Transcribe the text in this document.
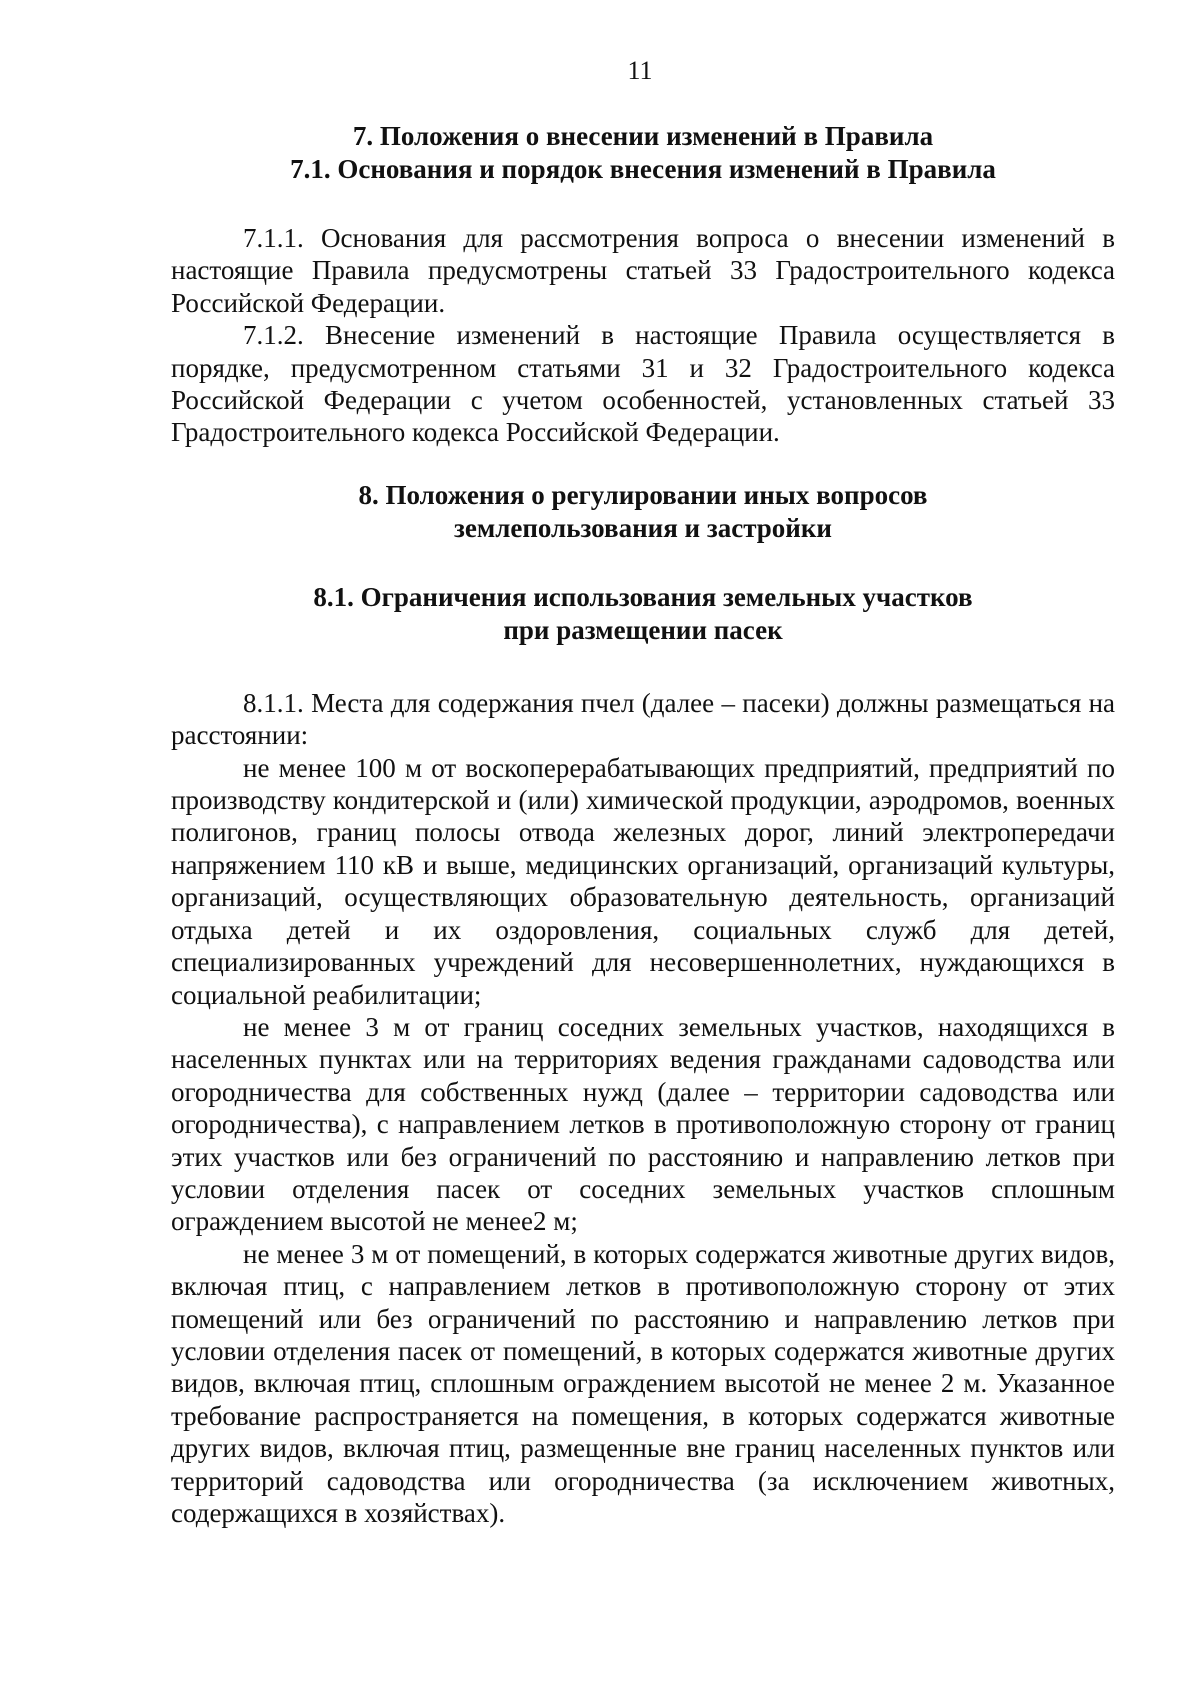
11
7. Положения о внесении изменений в Правила
7.1. Основания и порядок внесения изменений в Правила

7.1.1. Основания для рассмотрения вопроса о внесении изменений в настоящие Правила предусмотрены статьей 33 Градостроительного кодекса Российской Федерации.

7.1.2. Внесение изменений в настоящие Правила осуществляется в порядке, предусмотренном статьями 31 и 32 Градостроительного кодекса Российской Федерации с учетом особенностей, установленных статьей 33 Градостроительного кодекса Российской Федерации.

8. Положения о регулировании иных вопросов
землепользования и застройки
8.1. Ограничения использования земельных участков
при размещении пасек

8.1.1. Места для содержания пчел (далее – пасеки) должны размещаться на расстоянии:

не менее 100 м от воскоперерабатывающих предприятий, предприятий по производству кондитерской и (или) химической продукции, аэродромов, военных полигонов, границ полосы отвода железных дорог, линий электропередачи напряжением 110 кВ и выше, медицинских организаций, организаций культуры, организаций, осуществляющих образовательную деятельность, организаций отдыха детей и их оздоровления, социальных служб для детей, специализированных учреждений для несовершеннолетних, нуждающихся в социальной реабилитации;

не менее 3 м от границ соседних земельных участков, находящихся в населенных пунктах или на территориях ведения гражданами садоводства или огородничества для собственных нужд (далее – территории садоводства или огородничества), с направлением летков в противоположную сторону от границ этих участков или без ограничений по расстоянию и направлению летков при условии отделения пасек от соседних земельных участков сплошным ограждением высотой не менее2 м;

не менее 3 м от помещений, в которых содержатся животные других видов, включая птиц, с направлением летков в противоположную сторону от этих помещений или без ограничений по расстоянию и направлению летков при условии отделения пасек от помещений, в которых содержатся животные других видов, включая птиц, сплошным ограждением высотой не менее 2 м. Указанное требование распространяется на помещения, в которых содержатся животные других видов, включая птиц, размещенные вне границ населенных пунктов или территорий садоводства или огородничества (за исключением животных, содержащихся в хозяйствах).
